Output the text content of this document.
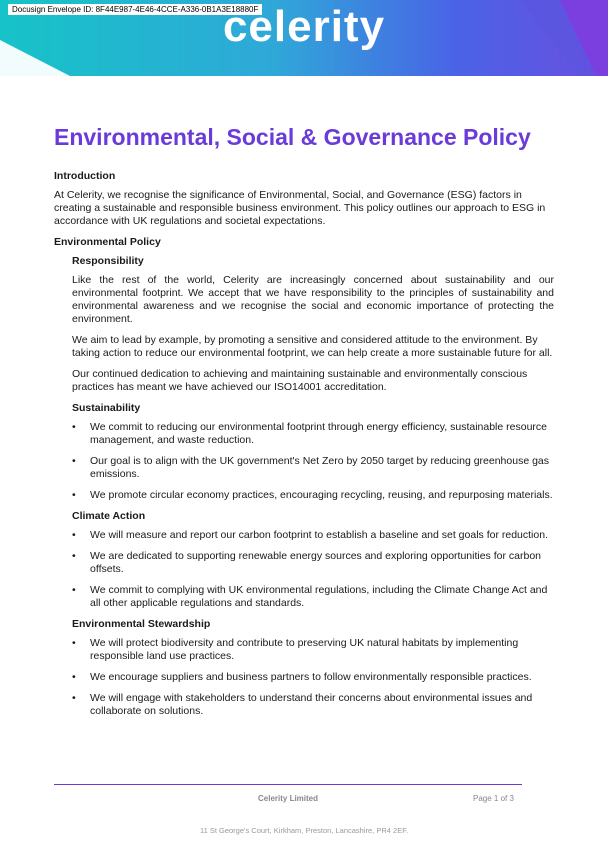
Docusign Envelope ID: 8F44E987-4E46-4CCE-A336-0B1A3E18880F
celerity
Environmental, Social & Governance Policy
Introduction
At Celerity, we recognise the significance of Environmental, Social, and Governance (ESG) factors in creating a sustainable and responsible business environment. This policy outlines our approach to ESG in accordance with UK regulations and societal expectations.
Environmental Policy
Responsibility
Like the rest of the world, Celerity are increasingly concerned about sustainability and our environmental footprint. We accept that we have responsibility to the principles of sustainability and environmental awareness and we recognise the social and economic importance of protecting the environment.
We aim to lead by example, by promoting a sensitive and considered attitude to the environment. By taking action to reduce our environmental footprint, we can help create a more sustainable future for all.
Our continued dedication to achieving and maintaining sustainable and environmentally conscious practices has meant we have achieved our ISO14001 accreditation.
Sustainability
• We commit to reducing our environmental footprint through energy efficiency, sustainable resource management, and waste reduction.
• Our goal is to align with the UK government's Net Zero by 2050 target by reducing greenhouse gas emissions.
• We promote circular economy practices, encouraging recycling, reusing, and repurposing materials.
Climate Action
• We will measure and report our carbon footprint to establish a baseline and set goals for reduction.
• We are dedicated to supporting renewable energy sources and exploring opportunities for carbon offsets.
• We commit to complying with UK environmental regulations, including the Climate Change Act and all other applicable regulations and standards.
Environmental Stewardship
• We will protect biodiversity and contribute to preserving UK natural habitats by implementing responsible land use practices.
• We encourage suppliers and business partners to follow environmentally responsible practices.
• We will engage with stakeholders to understand their concerns about environmental issues and collaborate on solutions.
Celerity Limited	Page 1 of 3
11 St George's Court, Kirkham, Preston, Lancashire, PR4 2EF.
